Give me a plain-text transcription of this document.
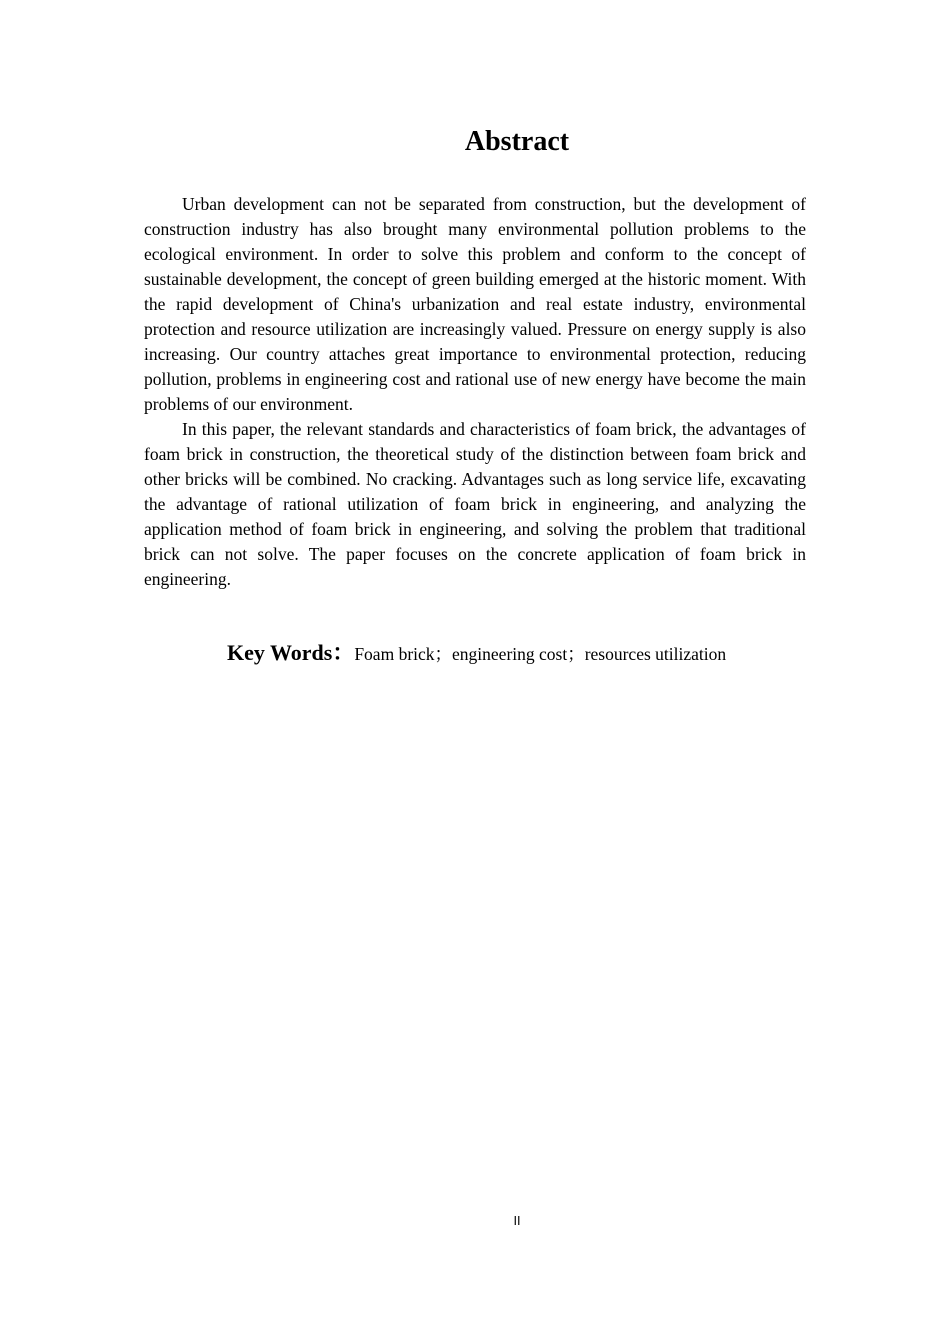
Abstract

Urban development can not be separated from construction, but the development of construction industry has also brought many environmental pollution problems to the ecological environment. In order to solve this problem and conform to the concept of sustainable development, the concept of green building emerged at the historic moment. With the rapid development of China's urbanization and real estate industry, environmental protection and resource utilization are increasingly valued. Pressure on energy supply is also increasing. Our country attaches great importance to environmental protection, reducing pollution, problems in engineering cost and rational use of new energy have become the main problems of our environment.

In this paper, the relevant standards and characteristics of foam brick, the advantages of foam brick in construction, the theoretical study of the distinction between foam brick and other bricks will be combined. No cracking. Advantages such as long service life, excavating the advantage of rational utilization of foam brick in engineering, and analyzing the application method of foam brick in engineering, and solving the problem that traditional brick can not solve. The paper focuses on the concrete application of foam brick in engineering.

Key Words：Foam brick；engineering cost；resources utilization
II
